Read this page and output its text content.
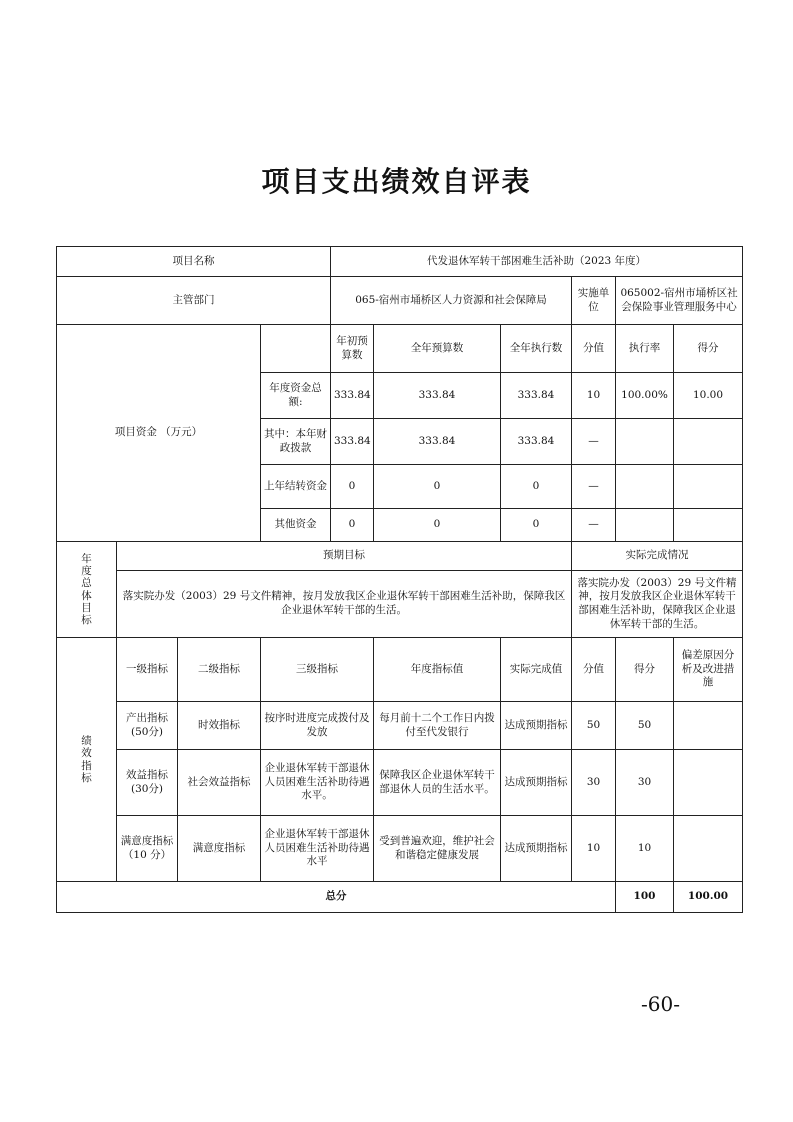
项目支出绩效自评表
项目名称				代发退休军转干部困难生活补助（2023 年度）						
主管部门				065-宿州市埇桥区人力资源和社会保障局			实施单位	065002-宿州市埇桥区社会保险事业管理服务中心		
项目资金 （万元）				年初预算数	全年预算数	全年执行数	分值	执行率	得分	
			年度资金总额:	333.84	333.84	333.84	10	100.00%	10.00	
			其中：本年财政拨款	333.84	333.84	333.84	—			
			上年结转资金	0	0	0	—			
			其他资金	0	0	0	—			

年度总体目标	预期目标						实际完成情况			
	落实院办发（2003）29 号文件精神，按月发放我区企业退休军转干部困难生活补助，保障我区企业退休军转干部的生活。						落实院办发（2003）29 号文件精神，按月发放我区企业退休军转干部困难生活补助，保障我区企业退休军转干部的生活。			

绩效指标	一级指标	二级指标	三级指标		年度指标值	实际完成值	分值	得分	偏差原因分析及改进措施	
	产出指标(50分)	时效指标	按序时进度完成拨付及发放		每月前十二个工作日内拨付至代发银行	达成预期指标	50	50		
	效益指标(30分)	社会效益指标	企业退休军转干部退休人员困难生活补助待遇水平。		保障我区企业退休军转干部退休人员的生活水平。	达成预期指标	30	30		
	满意度指标（10 分）	满意度指标	企业退休军转干部退休人员困难生活补助待遇水平		受到普遍欢迎，维护社会和谐稳定健康发展	达成预期指标	10	10		
总分								100	100.00	
-60-
